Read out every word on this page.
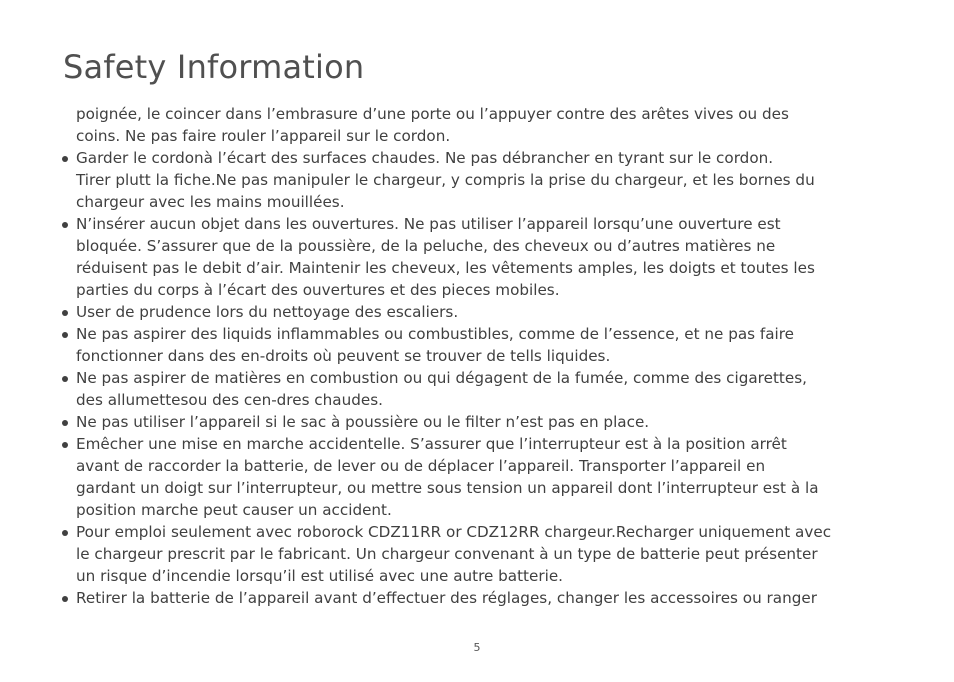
Safety Information
poignée, le coincer dans l’embrasure d’une porte ou l’appuyer contre des arêtes vives ou des
coins. Ne pas faire rouler l’appareil sur le cordon.
Garder le cordonà l’écart des surfaces chaudes. Ne pas débrancher en tyrant sur le cordon.
Tirer plutt la fiche.Ne pas manipuler le chargeur, y compris la prise du chargeur, et les bornes du
chargeur avec les mains mouillées.
N’insérer aucun objet dans les ouvertures. Ne pas utiliser l’appareil lorsqu’une ouverture est
bloquée. S’assurer que de la poussière, de la peluche, des cheveux ou d’autres matières ne
réduisent pas le debit d’air. Maintenir les cheveux, les vêtements amples, les doigts et toutes les
parties du corps à l’écart des ouvertures et des pieces mobiles.
User de prudence lors du nettoyage des escaliers.
Ne pas aspirer des liquids inflammables ou combustibles, comme de l’essence, et ne pas faire
fonctionner dans des en-droits où peuvent se trouver de tells liquides.
Ne pas aspirer de matières en combustion ou qui dégagent de la fumée, comme des cigarettes,
des allumettesou des cen-dres chaudes.
Ne pas utiliser l’appareil si le sac à poussière ou le filter n’est pas en place.
Emêcher une mise en marche accidentelle. S’assurer que l’interrupteur est à la position arrêt
avant de raccorder la batterie, de lever ou de déplacer l’appareil. Transporter l’appareil en
gardant un doigt sur l’interrupteur, ou mettre sous tension un appareil dont l’interrupteur est à la
position marche peut causer un accident.
Pour emploi seulement avec roborock CDZ11RR or CDZ12RR chargeur.Recharger uniquement avec
le chargeur prescrit par le fabricant. Un chargeur convenant à un type de batterie peut présenter
un risque d’incendie lorsqu’il est utilisé avec une autre batterie.
Retirer la batterie de l’appareil avant d’effectuer des réglages, changer les accessoires ou ranger
5
